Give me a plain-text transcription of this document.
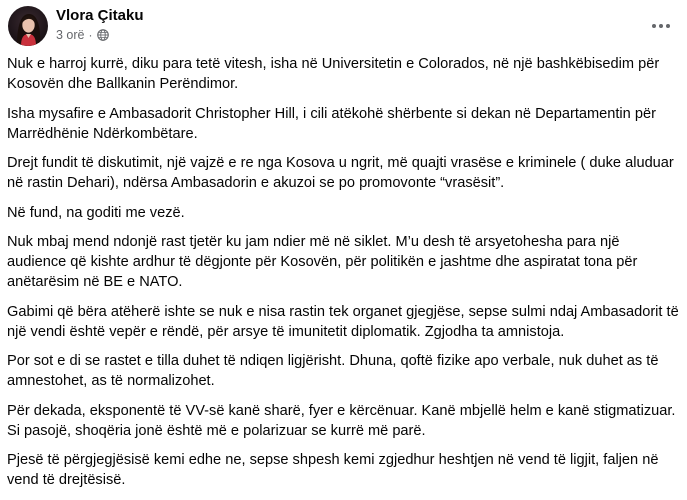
Vlora Çitaku
3 orë ·

Nuk e harroj kurrë, diku para tetë vitesh, isha në Universitetin e Colorados, në një bashkëbisedim për Kosovën dhe Ballkanin Perëndimor.

Isha mysafire e Ambasadorit Christopher Hill, i cili atëkohë shërbente si dekan në Departamentin për Marrëdhënie Ndërkombëtare.

Drejt fundit të diskutimit, një vajzë e re nga Kosova u ngrit, më quajti vrasëse e kriminele ( duke aluduar në rastin Dehari), ndërsa Ambasadorin e akuzoi se po promovonte “vrasësit”.

Në fund, na goditi me vezë.

Nuk mbaj mend ndonjë rast tjetër ku jam ndier më në siklet. M’u desh të arsyetohesha para një audience që kishte ardhur të dëgjonte për Kosovën, për politikën e jashtme dhe aspiratat tona për anëtarësim në BE e NATO.

Gabimi që bëra atëherë ishte se nuk e nisa rastin tek organet gjegjëse, sepse sulmi ndaj Ambasadorit të një vendi është vepër e rëndë, për arsye të imunitetit diplomatik. Zgjodha ta amnistoja.

Por sot e di se rastet e tilla duhet të ndiqen ligjërisht. Dhuna, qoftë fizike apo verbale, nuk duhet as të amnestohet, as të normalizohet.

Për dekada, eksponentë të VV-së kanë sharë, fyer e kërcënuar. Kanë mbjellë helm e kanë stigmatizuar. Si pasojë, shoqëria jonë është më e polarizuar se kurrë më parë.

Pjesë të përgjegjësisë kemi edhe ne, sepse shpesh kemi zgjedhur heshtjen në vend të ligjit, faljen në vend të drejtësisë.
